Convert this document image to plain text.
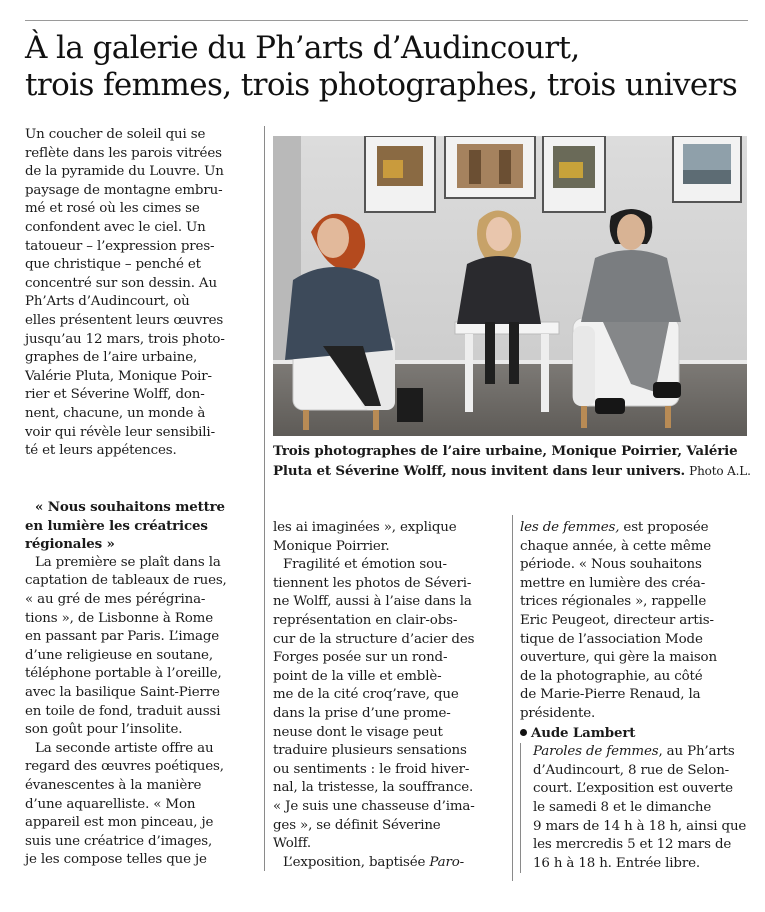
À la galerie du Ph’arts d’Audincourt,
trois femmes, trois photographes, trois univers

Un coucher de soleil qui se
reflète dans les parois vitrées
de la pyramide du Louvre. Un
paysage de montagne embru-
mé et rosé où les cimes se
confondent avec le ciel. Un
tatoueur – l’expression pres-
que christique – penché et
concentré sur son dessin. Au
Ph’Arts d’Audincourt, où
elles présentent leurs œuvres
jusqu’au 12 mars, trois photo-
graphes de l’aire urbaine,
Valérie Pluta, Monique Poir-
rier et Séverine Wolff, don-
nent, chacune, un monde à
voir qui révèle leur sensibili-
té et leurs appétences.

« Nous souhaitons mettre
en lumière les créatrices
régionales »

La première se plaît dans la
captation de tableaux de rues,
« au gré de mes pérégrina-
tions », de Lisbonne à Rome
en passant par Paris. L’image
d’une religieuse en soutane,
téléphone portable à l’oreille,
avec la basilique Saint-Pierre
en toile de fond, traduit aussi
son goût pour l’insolite.

La seconde artiste offre au
regard des œuvres poétiques,
évanescentes à la manière
d’une aquarelliste. « Mon
appareil est mon pinceau, je
suis une créatrice d’images,
je les compose telles que je

Trois photographes de l’aire urbaine, Monique Poirrier, Valérie Pluta et Séverine Wolff, nous invitent dans leur univers. Photo A.L.

les ai imaginées », explique
Monique Poirrier.

Fragilité et émotion sou-
tiennent les photos de Séveri-
ne Wolff, aussi à l’aise dans la
représentation en clair-obs-
cur de la structure d’acier des
Forges posée sur un rond-
point de la ville et emblè-
me de la cité croq’rave, que
dans la prise d’une prome-
neuse dont le visage peut
traduire plusieurs sensations
ou sentiments : le froid hiver-
nal, la tristesse, la souffrance.
« Je suis une chasseuse d’ima-
ges », se définit Séverine
Wolff.

L’exposition, baptisée Paro-

les de femmes, est proposée
chaque année, à cette même
période. « Nous souhaitons
mettre en lumière des créa-
trices régionales », rappelle
Eric Peugeot, directeur artis-
tique de l’association Mode
ouverture, qui gère la maison
de la photographie, au côté
de Marie-Pierre Renaud, la
présidente.

Aude Lambert

Paroles de femmes, au Ph’arts
d’Audincourt, 8 rue de Selon-
court. L’exposition est ouverte
le samedi 8 et le dimanche
9 mars de 14 h à 18 h, ainsi que
les mercredis 5 et 12 mars de
16 h à 18 h. Entrée libre.
